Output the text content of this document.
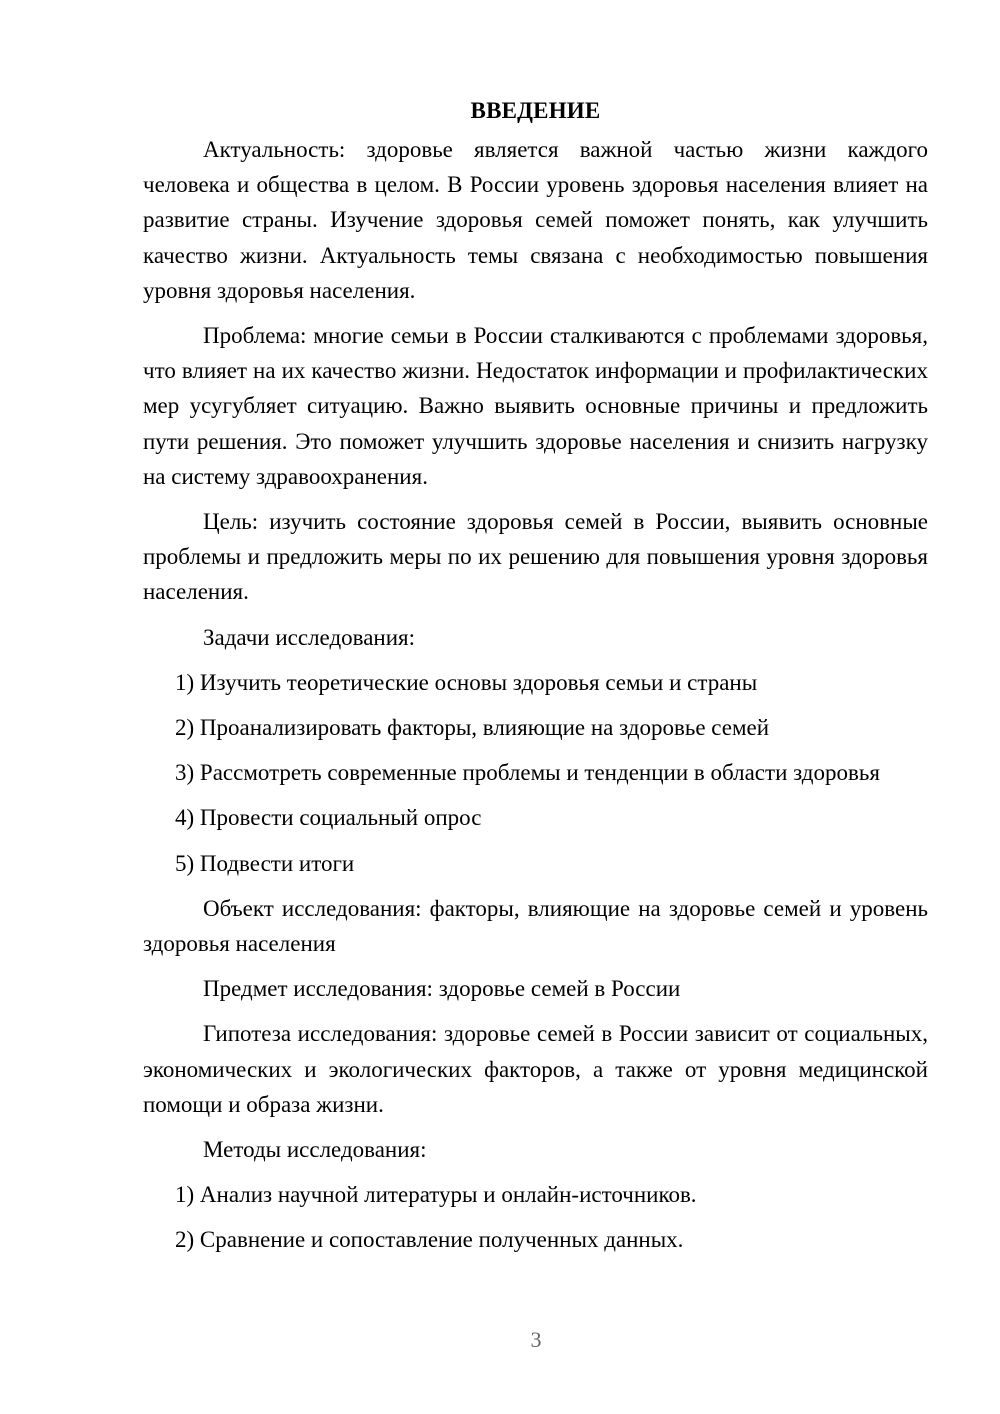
ВВЕДЕНИЕ

Актуальность: здоровье является важной частью жизни каждого человека и общества в целом. В России уровень здоровья населения влияет на развитие страны. Изучение здоровья семей поможет понять, как улучшить качество жизни. Актуальность темы связана с необходимостью повышения уровня здоровья населения.

Проблема: многие семьи в России сталкиваются с проблемами здоровья, что влияет на их качество жизни. Недостаток информации и профилактических мер усугубляет ситуацию. Важно выявить основные причины и предложить пути решения. Это поможет улучшить здоровье населения и снизить нагрузку на систему здравоохранения.

Цель: изучить состояние здоровья семей в России, выявить основные проблемы и предложить меры по их решению для повышения уровня здоровья населения.

Задачи исследования:

1) Изучить теоретические основы здоровья семьи и страны

2) Проанализировать факторы, влияющие на здоровье семей

3) Рассмотреть современные проблемы и тенденции в области здоровья

4) Провести социальный опрос

5) Подвести итоги

Объект исследования: факторы, влияющие на здоровье семей и уровень здоровья населения

Предмет исследования: здоровье семей в России

Гипотеза исследования: здоровье семей в России зависит от социальных, экономических и экологических факторов, а также от уровня медицинской помощи и образа жизни.

Методы исследования:

1) Анализ научной литературы и онлайн-источников.

2) Сравнение и сопоставление полученных данных.

3
